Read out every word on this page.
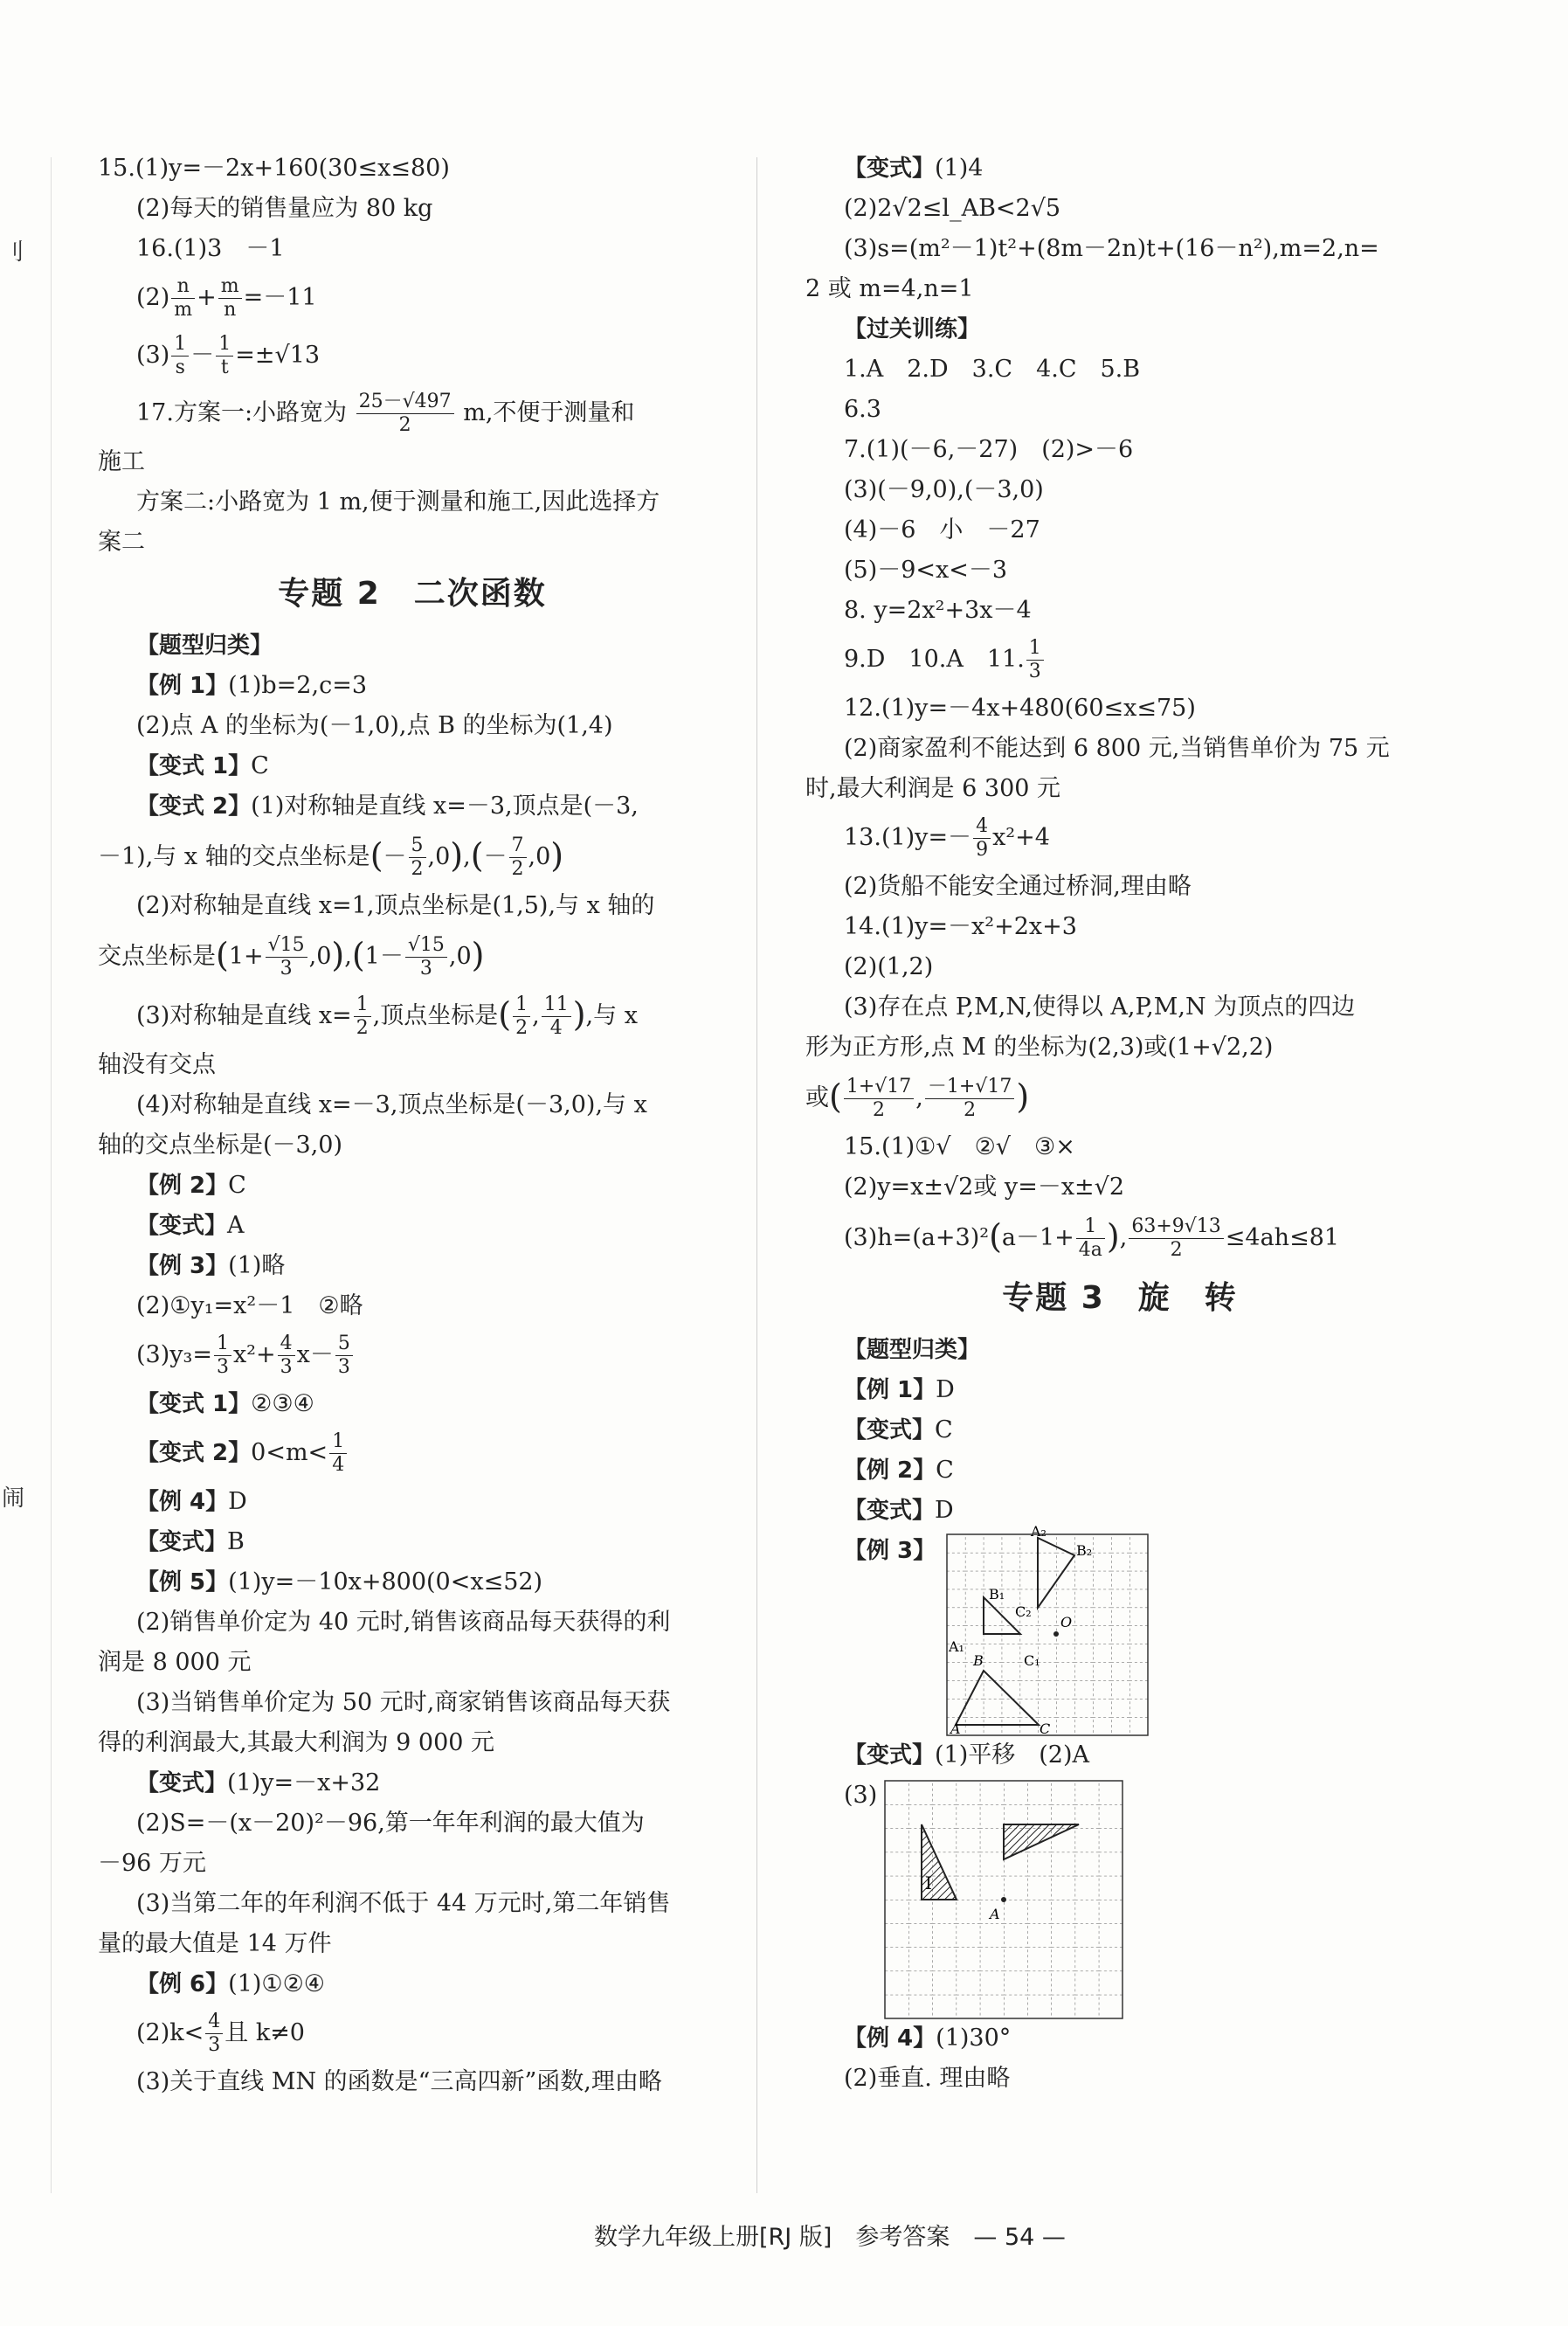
刂
闹
15.(1)y=－2x+160(30≤x≤80)
(2)每天的销售量应为 80 kg
16.(1)3　－1
$(2) \frac{n}{m} + \frac{m}{n} =-11$
$(3) \frac{1}{s} - \frac{1}{t} =\pm√13$
17.方案一:小路宽为 $\frac{25-√497}{2} m$,不便于测量和
施工
方案二:小路宽为 1 m,便于测量和施工,因此选择方
案二
专题 2　二次函数
【题型归类】
【例 1】(1)b=2,c=3
(2)点 A 的坐标为(－1,0),点 B 的坐标为(1,4)
【变式 1】C
【变式 2】(1)对称轴是直线 x=－3,顶点是(－3,
－1),与 x 轴的交点坐标是(－ $\frac{5}{2} ,0),(- \frac{7}{2} ,0)$
(2)对称轴是直线 x=1,顶点坐标是(1,5),与 x 轴的
交点坐标是$(1+ \frac{√15}{3} ,0),(1- \frac{√15}{3} ,0)$
(3)对称轴是直线 $x= \frac{1}{2}$ ,顶点坐标是( $\frac{1}{2}$ , $\frac{11}{4}$ ),与 x
轴没有交点
(4)对称轴是直线 x=－3,顶点坐标是(－3,0),与 x
轴的交点坐标是(－3,0)
【例 2】C
【变式】A
【例 3】(1)略
(2)①y₁=x²－1　②略
$(3)y_3= \frac{1}{3} x^2+ \frac{4}{3} x- \frac{5}{3}$
【变式 1】②③④
【变式 2】$0<m< \frac{1}{4}$
【例 4】D
【变式】B
【例 5】(1)y=－10x+800(0<x≤52)
(2)销售单价定为 40 元时,销售该商品每天获得的利
润是 8 000 元
(3)当销售单价定为 50 元时,商家销售该商品每天获
得的利润最大,其最大利润为 9 000 元
【变式】(1)y=－x+32
(2)S=－(x－20)²－96,第一年年利润的最大值为
－96 万元
(3)当第二年的年利润不低于 44 万元时,第二年销售
量的最大值是 14 万件
【例 6】(1)①②④
$(2)k< \frac{4}{3}$ 且 k≠0
(3)关于直线 MN 的函数是“三高四新”函数,理由略
【变式】(1)4
(2)2√2≤l_AB<2√5
(3)s=(m²－1)t²+(8m－2n)t+(16－n²),m=2,n=
2 或 m=4,n=1
【过关训练】
1.A　2.D　3.C　4.C　5.B
6.3
7.(1)(－6,－27)　(2)>－6
(3)(－9,0),(－3,0)
(4)－6　小　－27
(5)－9<x<－3
8. y=2x²+3x－4
9.D　10.A　11. $\frac{1}{3}$
12.(1)y=－4x+480(60≤x≤75)
(2)商家盈利不能达到 6 800 元,当销售单价为 75 元
时,最大利润是 6 300 元
$13.(1)y=- \frac{4}{9} x^2+4$
(2)货船不能安全通过桥洞,理由略
14.(1)y=－x²+2x+3
(2)(1,2)
(3)存在点 P,M,N,使得以 A,P,M,N 为顶点的四边
形为正方形,点 M 的坐标为(2,3)或(1+√2,2)
或( $\frac{1+√17}{2}$ , $\frac{-1+√17}{2}$ )
15.(1)①√　②√　③×
(2)y=x±√2或 y=－x±√2
$(3)h=(a+3)^2(a-1+ \frac{1}{4a}$ ), $\frac{63+9√13}{2} \le 4ah\le 81$
专题 3　旋　转
【题型归类】
【例 1】D
【变式】C
【例 2】C
【变式】D
【例 3】
A₂
B₂
B₁
C₂
O
A₁
B	C₁
A	C
【变式】(1)平移　(2)A
(3)
I
A
【例 4】(1)30°
(2)垂直. 理由略
数学九年级上册[RJ 版]　参考答案　— 54 —
